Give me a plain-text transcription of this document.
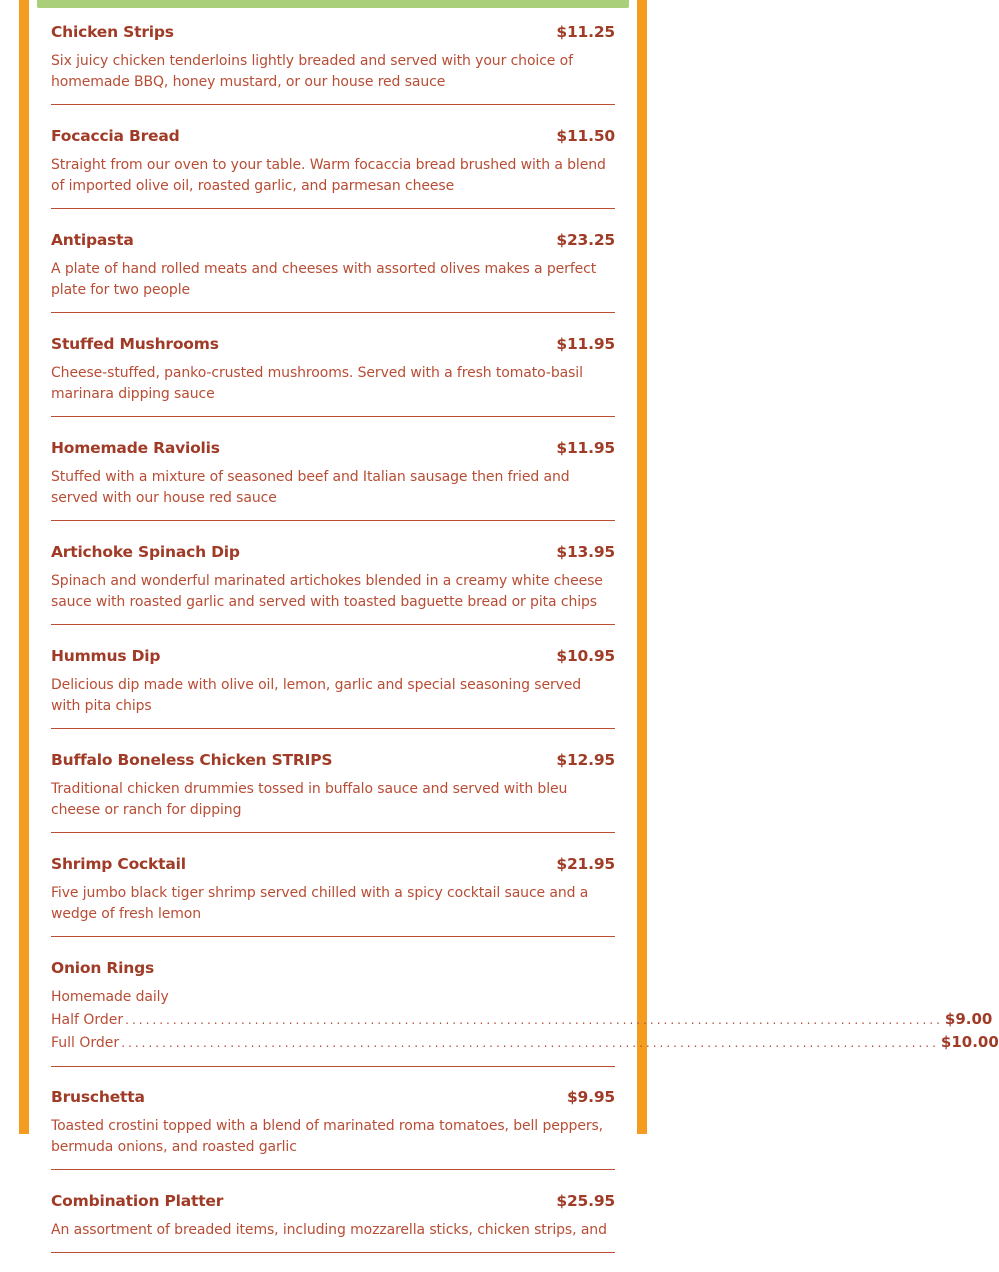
Chicken Strips	$11.25
Six juicy chicken tenderloins lightly breaded and served with your choice of homemade BBQ, honey mustard, or our house red sauce
Focaccia Bread	$11.50
Straight from our oven to your table. Warm focaccia bread brushed with a blend of imported olive oil, roasted garlic, and parmesan cheese
Antipasta	$23.25
A plate of hand rolled meats and cheeses with assorted olives makes a perfect plate for two people
Stuffed Mushrooms	$11.95
Cheese-stuffed, panko-crusted mushrooms. Served with a fresh tomato-basil marinara dipping sauce
Homemade Raviolis	$11.95
Stuffed with a mixture of seasoned beef and Italian sausage then fried and served with our house red sauce
Artichoke Spinach Dip	$13.95
Spinach and wonderful marinated artichokes blended in a creamy white cheese sauce with roasted garlic and served with toasted baguette bread or pita chips
Hummus Dip	$10.95
Delicious dip made with olive oil, lemon, garlic and special seasoning served with pita chips
Buffalo Boneless Chicken STRIPS	$12.95
Traditional chicken drummies tossed in buffalo sauce and served with bleu cheese or ranch for dipping
Shrimp Cocktail	$21.95
Five jumbo black tiger shrimp served chilled with a spicy cocktail sauce and a wedge of fresh lemon
Onion Rings
Homemade daily
Half Order ........................................................................................................................ $9.00
Full Order ........................................................................................................................ $10.00
Bruschetta	$9.95
Toasted crostini topped with a blend of marinated roma tomatoes, bell peppers, bermuda onions, and roasted garlic
Combination Platter	$25.95
An assortment of breaded items, including mozzarella sticks, chicken strips, and
